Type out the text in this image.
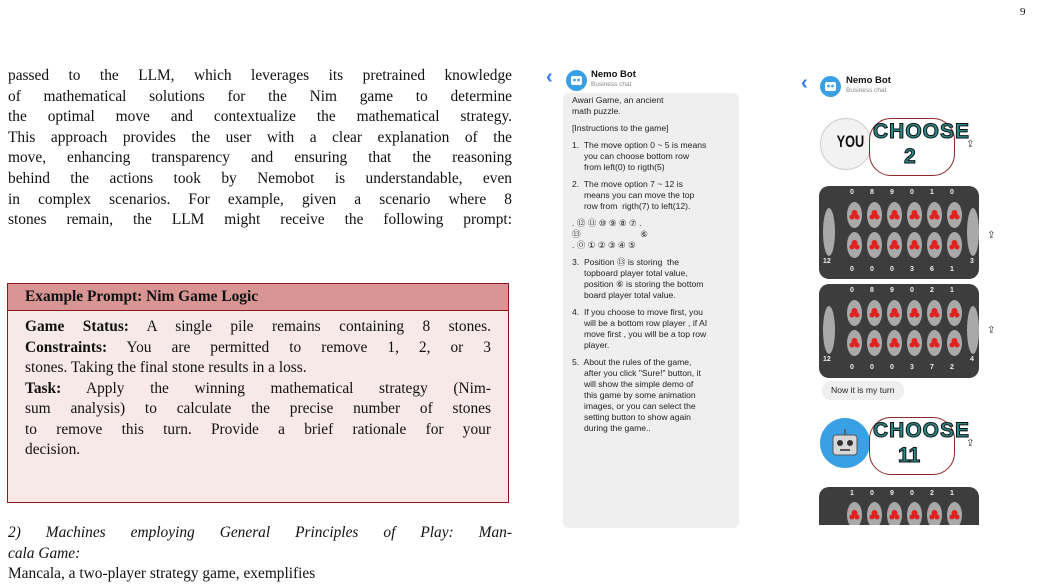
9
passed to the LLM, which leverages its pretrained knowledge
of mathematical solutions for the Nim game to determine
the optimal move and contextualize the mathematical strategy.
This approach provides the user with a clear explanation of the
move, enhancing transparency and ensuring that the reasoning
behind the actions took by Nemobot is understandable, even
in complex scenarios. For example, given a scenario where 8
stones remain, the LLM might receive the following prompt:
Example Prompt: Nim Game Logic
Game Status: A single pile remains containing 8 stones.
Constraints: You are permitted to remove 1, 2, or 3
stones. Taking the final stone results in a loss.
Task: Apply the winning mathematical strategy (Nim-
sum analysis) to calculate the precise number of stones
to remove this turn. Provide a brief rationale for your
decision.
2) Machines employing General Principles of Play: Man-
cala Game:
Mancala, a two-player strategy game, exemplifies
‹	Nemo Bot
Business chat
Awari Game, an ancient
math puzzle.
[Instructions to the game]
1.  The move option 0 ~ 5 is means
you can choose bottom row
from left(0) to rigth(5)
2.  The move option 7 ~ 12 is
means you can move the top
row from  rigth(7) to left(12).
. ⑫ ⑪ ⑩ ⑨ ⑧ ⑦ .
⑬                         ⑥
. ⓪ ① ② ③ ④ ⑤
3.  Position ⑬ is storing  the
topboard player total value,
position ⑥ is storing the bottom
board player total value.
4.  If you choose to move first, you
will be a bottom row player , if AI
move first , you will be a top row
player.
5.  About the rules of the game,
after you click "Sure!" button, it
will show the simple demo of
this game by some animation
images, or you can select the
setting button to show again
during the game..
‹	Nemo Bot
Business chat
YOU CHOOSE
2
⇪
0 8 9 0 1 0
0 0 0 3 6 1
12	3
⇪
0 8 9 0 2 1
0 0 0 3 7 2
12	4
⇪
Now it is my turn
CHOOSE
11
⇪
1 0 9 0 2 1
